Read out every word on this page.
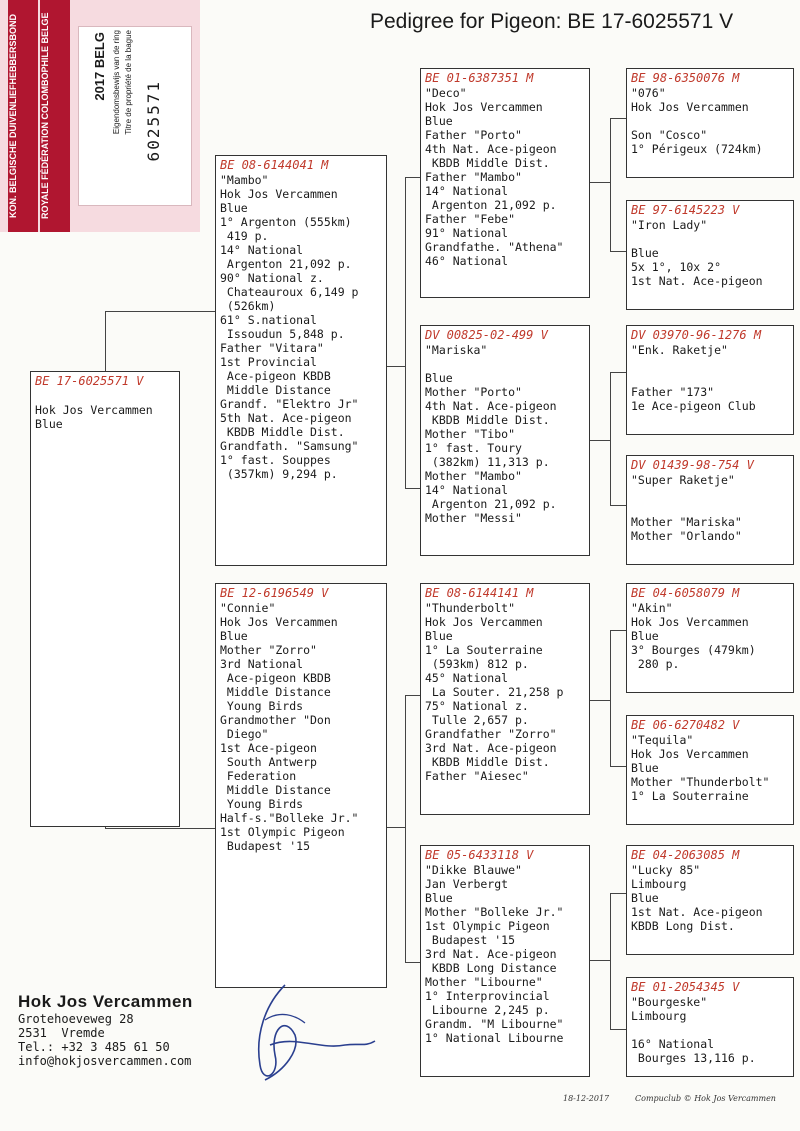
KON. BELGISCHE DUIVENLIEFHEBBERSBOND	ROYALE FÉDÉRATION COLOMBOPHILE BELGE	2017 BELG Eigendomsbewijs van de ring Titre de propriété de la bague 6025571
Pedigree for Pigeon: BE 17-6025571 V
BE 17-6025571 V
Hok Jos Vercammen
Blue
BE 08-6144041 M
"Mambo"
Hok Jos Vercammen
Blue
1° Argenton (555km)
419 p.
14° National
Argenton 21,092 p.
90° National z.
Chateauroux 6,149 p
(526km)
61° S.national
Issoudun 5,848 p.
Father "Vitara"
1st Provincial
Ace-pigeon KBDB
Middle Distance
Grandf. "Elektro Jr"
5th Nat. Ace-pigeon
KBDB Middle Dist.
Grandfath. "Samsung"
1° fast. Souppes
(357km) 9,294 p.
BE 12-6196549 V
"Connie"
Hok Jos Vercammen
Blue
Mother "Zorro"
3rd National
Ace-pigeon KBDB
Middle Distance
Young Birds
Grandmother "Don
Diego"
1st Ace-pigeon
South Antwerp
Federation
Middle Distance
Young Birds
Half-s."Bolleke Jr."
1st Olympic Pigeon
Budapest '15
BE 01-6387351 M
"Deco"
Hok Jos Vercammen
Blue
Father "Porto"
4th Nat. Ace-pigeon
KBDB Middle Dist.
Father "Mambo"
14° National
Argenton 21,092 p.
Father "Febe"
91° National
Grandfathe. "Athena"
46° National
DV 00825-02-499 V
"Mariska"
Blue
Mother "Porto"
4th Nat. Ace-pigeon
KBDB Middle Dist.
Mother "Tibo"
1° fast. Toury
(382km) 11,313 p.
Mother "Mambo"
14° National
Argenton 21,092 p.
Mother "Messi"
BE 08-6144141 M
"Thunderbolt"
Hok Jos Vercammen
Blue
1° La Souterraine
(593km) 812 p.
45° National
La Souter. 21,258 p
75° National z.
Tulle 2,657 p.
Grandfather "Zorro"
3rd Nat. Ace-pigeon
KBDB Middle Dist.
Father "Aiesec"
BE 05-6433118 V
"Dikke Blauwe"
Jan Verbergt
Blue
Mother "Bolleke Jr."
1st Olympic Pigeon
Budapest '15
3rd Nat. Ace-pigeon
KBDB Long Distance
Mother "Libourne"
1° Interprovincial
Libourne 2,245 p.
Grandm. "M Libourne"
1° National Libourne
BE 98-6350076 M
"076"
Hok Jos Vercammen
Son "Cosco"
1° Périgeux (724km)
BE 97-6145223 V
"Iron Lady"
Blue
5x 1°, 10x 2°
1st Nat. Ace-pigeon
DV 03970-96-1276 M
"Enk. Raketje"
Father "173"
1e Ace-pigeon Club
DV 01439-98-754 V
"Super Raketje"
Mother "Mariska"
Mother "Orlando"
BE 04-6058079 M
"Akin"
Hok Jos Vercammen
Blue
3° Bourges (479km)
280 p.
BE 06-6270482 V
"Tequila"
Hok Jos Vercammen
Blue
Mother "Thunderbolt"
1° La Souterraine
BE 04-2063085 M
"Lucky 85"
Limbourg
Blue
1st Nat. Ace-pigeon
KBDB Long Dist.
BE 01-2054345 V
"Bourgeske"
Limbourg
16° National
Bourges 13,116 p.
Hok Jos Vercammen
Grotehoeveweg 28
2531  Vremde
Tel.: +32 3 485 61 50
info@hokjosvercammen.com
18-12-2017	Compuclub © Hok Jos Vercammen
